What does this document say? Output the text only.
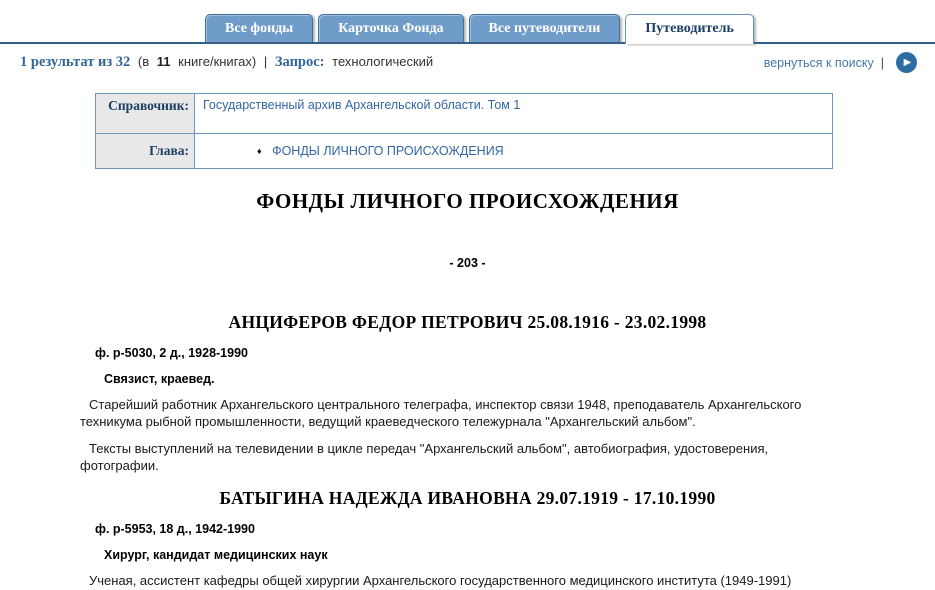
Все фонды	Карточка Фонда	Все путеводители	Путеводитель
1 результат из 32 (в 11 книге/книгах) | Запрос: технологический	вернуться к поиску | ▶
Справочник:	Государственный архив Архангельской области. Том 1
Глава:	♦ ФОНДЫ ЛИЧНОГО ПРОИСХОЖДЕНИЯ
ФОНДЫ ЛИЧНОГО ПРОИСХОЖДЕНИЯ
- 203 -
АНЦИФЕРОВ ФЕДОР ПЕТРОВИЧ 25.08.1916 - 23.02.1998
ф. р-5030, 2 д., 1928-1990
Связист, краевед.
Старейший работник Архангельского центрального телеграфа, инспектор связи 1948, преподаватель Архангельского техникума рыбной промышленности, ведущий краеведческого тележурнала "Архангельский альбом".
Тексты выступлений на телевидении в цикле передач "Архангельский альбом", автобиография, удостоверения, фотографии.
БАТЫГИНА НАДЕЖДА ИВАНОВНА 29.07.1919 - 17.10.1990
ф. р-5953, 18 д., 1942-1990
Хирург, кандидат медицинских наук
Ученая, ассистент кафедры общей хирургии Архангельского государственного медицинского института (1949-1991)
